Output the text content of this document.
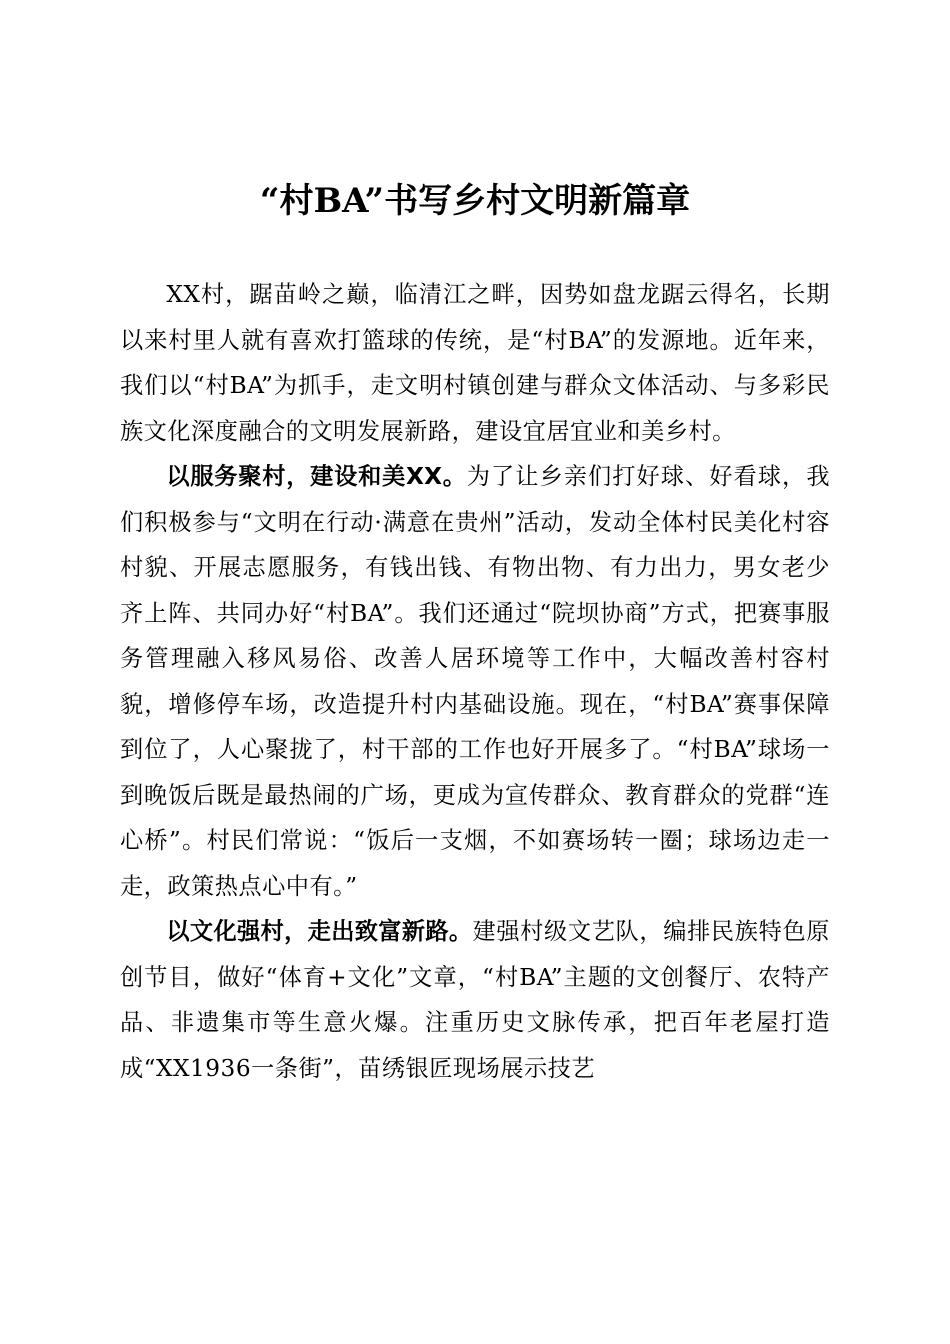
“村BA”书写乡村文明新篇章

XX村，踞苗岭之巅，临清江之畔，因势如盘龙踞云得名，长期以来村里人就有喜欢打篮球的传统，是“村BA”的发源地。近年来，我们以“村BA”为抓手，走文明村镇创建与群众文体活动、与多彩民族文化深度融合的文明发展新路，建设宜居宜业和美乡村。

以服务聚村，建设和美XX。为了让乡亲们打好球、好看球，我们积极参与“文明在行动·满意在贵州”活动，发动全体村民美化村容村貌、开展志愿服务，有钱出钱、有物出物、有力出力，男女老少齐上阵、共同办好“村BA”。我们还通过“院坝协商”方式，把赛事服务管理融入移风易俗、改善人居环境等工作中，大幅改善村容村貌，增修停车场，改造提升村内基础设施。现在，“村BA”赛事保障到位了，人心聚拢了，村干部的工作也好开展多了。“村BA”球场一到晚饭后既是最热闹的广场，更成为宣传群众、教育群众的党群“连心桥”。村民们常说：“饭后一支烟，不如赛场转一圈；球场边走一走，政策热点心中有。”

以文化强村，走出致富新路。建强村级文艺队，编排民族特色原创节目，做好“体育+文化”文章，“村BA”主题的文创餐厅、农特产品、非遗集市等生意火爆。注重历史文脉传承，把百年老屋打造成“XX1936一条街”，苗绣银匠现场展示技艺
